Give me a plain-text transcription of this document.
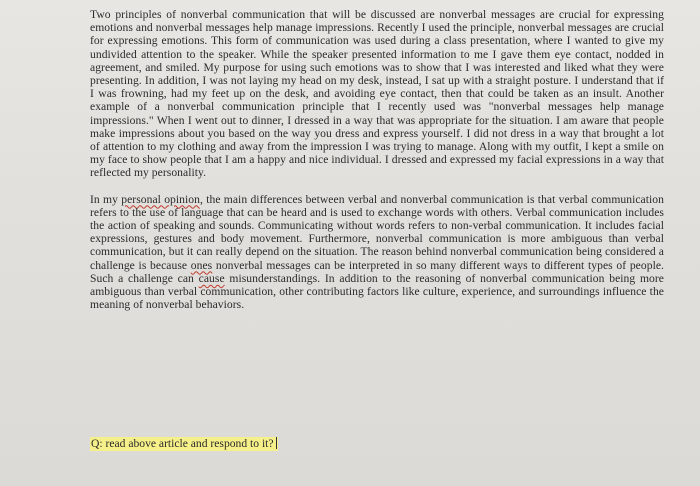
Two principles of nonverbal communication that will be discussed are nonverbal messages are crucial for expressing emotions and nonverbal messages help manage impressions. Recently I used the principle, nonverbal messages are crucial for expressing emotions. This form of communication was used during a class presentation, where I wanted to give my undivided attention to the speaker. While the speaker presented information to me I gave them eye contact, nodded in agreement, and smiled. My purpose for using such emotions was to show that I was interested and liked what they were presenting. In addition, I was not laying my head on my desk, instead, I sat up with a straight posture. I understand that if I was frowning, had my feet up on the desk, and avoiding eye contact, then that could be taken as an insult. Another example of a nonverbal communication principle that I recently used was "nonverbal messages help manage impressions." When I went out to dinner, I dressed in a way that was appropriate for the situation. I am aware that people make impressions about you based on the way you dress and express yourself. I did not dress in a way that brought a lot of attention to my clothing and away from the impression I was trying to manage. Along with my outfit, I kept a smile on my face to show people that I am a happy and nice individual. I dressed and expressed my facial expressions in a way that reflected my personality.

In my personal opinion, the main differences between verbal and nonverbal communication is that verbal communication refers to the use of language that can be heard and is used to exchange words with others. Verbal communication includes the action of speaking and sounds. Communicating without words refers to non-verbal communication. It includes facial expressions, gestures and body movement. Furthermore, nonverbal communication is more ambiguous than verbal communication, but it can really depend on the situation. The reason behind nonverbal communication being considered a challenge is because ones nonverbal messages can be interpreted in so many different ways to different types of people. Such a challenge can cause misunderstandings. In addition to the reasoning of nonverbal communication being more ambiguous than verbal communication, other contributing factors like culture, experience, and surroundings influence the meaning of nonverbal behaviors.

Q: read above article and respond to it?
